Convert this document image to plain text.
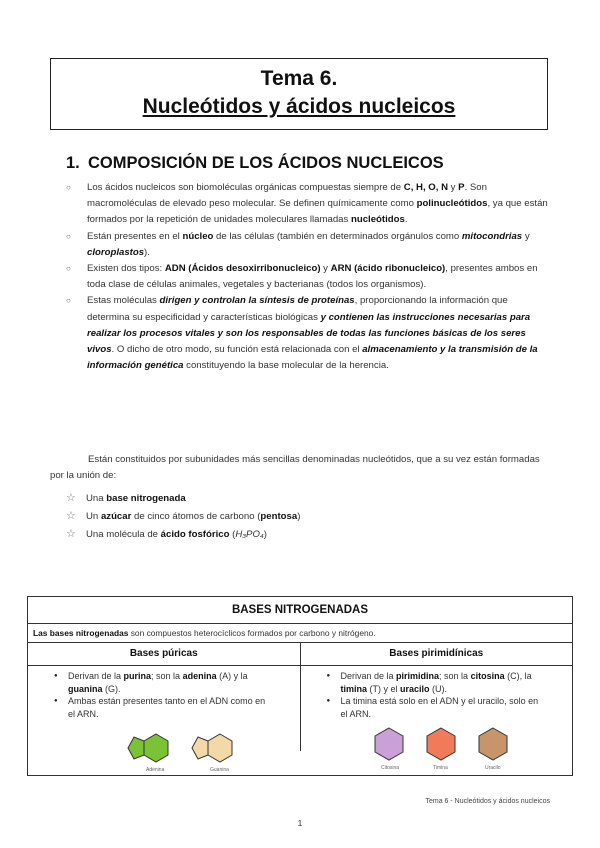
Tema 6.
Nucleótidos y ácidos nucleicos
1. COMPOSICIÓN DE LOS ÁCIDOS NUCLEICOS
○ Los ácidos nucleicos son biomoléculas orgánicas compuestas siempre de C, H, O, N y P. Son macromoléculas de elevado peso molecular. Se definen químicamente como polinucleótidos, ya que están formados por la repetición de unidades moleculares llamadas nucleótidos.
○ Están presentes en el núcleo de las células (también en determinados orgánulos como mitocondrias y cloroplastos).
○ Existen dos tipos: ADN (Ácidos desoxirribonucleico) y ARN (ácido ribonucleico), presentes ambos en toda clase de células animales, vegetales y bacterianas (todos los organismos).
○ Estas moléculas dirigen y controlan la síntesis de proteínas, proporcionando la información que determina su especificidad y características biológicas y contienen las instrucciones necesarias para realizar los procesos vitales y son los responsables de todas las funciones básicas de los seres vivos. O dicho de otro modo, su función está relacionada con el almacenamiento y la transmisión de la información genética constituyendo la base molecular de la herencia.
Están constituidos por subunidades más sencillas denominadas nucleótidos, que a su vez están formadas por la unión de:
☆ Una base nitrogenada
☆ Un azúcar de cinco átomos de carbono (pentosa)
☆ Una molécula de ácido fosfórico (H₃PO₄)
BASES NITROGENADAS
Las bases nitrogenadas son compuestos heterocíclicos formados por carbono y nitrógeno.
Bases púricas
● Derivan de la purina; son la adenina (A) y la guanina (G).
● Ambas están presentes tanto en el ADN como en el ARN.
Adenina	Guanina
Bases pirimidínicas
● Derivan de la pirimidina; son la citosina (C), la timina (T) y el uracilo (U).
● La timina está solo en el ADN y el uracilo, solo en el ARN.
Citosina	Timina	Uracilo
Tema 6 - Nucleótidos y ácidos nucleicos
1
